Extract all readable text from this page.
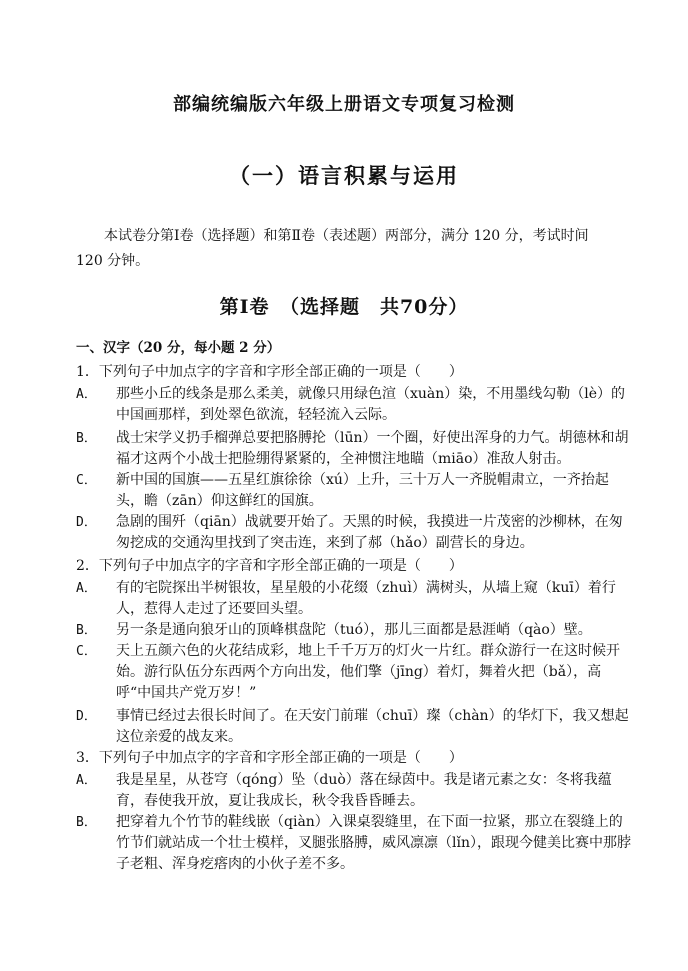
部编统编版六年级上册语文专项复习检测
（一）语言积累与运用
本试卷分第Ⅰ卷（选择题）和第Ⅱ卷（表述题）两部分，满分 120 分，考试时间 120 分钟。
第Ⅰ卷　（选择题　共70分）
一、汉字（20 分，每小题 2 分）
1．下列句子中加点字的字音和字形全部正确的一项是（　　）
A． 那些小丘的线条是那么柔美，就像只用绿色渲（xuàn）染，不用墨线勾勒（lè）的中国画那样，到处翠色欲流，轻轻流入云际。
B． 战士宋学义扔手榴弹总要把胳膊抡（lūn）一个圈，好使出浑身的力气。胡德林和胡福才这两个小战士把脸绷得紧紧的，全神惯注地瞄（miāo）准敌人射击。
C． 新中国的国旗——五星红旗徐徐（xú）上升，三十万人一齐脱帽肃立，一齐抬起头，瞻（zān）仰这鲜红的国旗。
D． 急剧的围歼（qiān）战就要开始了。天黑的时候，我摸进一片茂密的沙柳林，在匆匆挖成的交通沟里找到了突击连，来到了郝（hǎo）副营长的身边。
2．下列句子中加点字的字音和字形全部正确的一项是（　　）
A． 有的宅院探出半树银妆，星星般的小花缀（zhuì）满树头，从墙上窥（kuī）着行人，惹得人走过了还要回头望。
B． 另一条是通向狼牙山的顶峰棋盘陀（tuó），那儿三面都是悬涯峭（qào）壁。
C． 天上五颜六色的火花结成彩，地上千千万万的灯火一片红。群众游行一在这时候开始。游行队伍分东西两个方向出发，他们擎（jīng）着灯，舞着火把（bǎ），高呼“中国共产党万岁！”
D． 事情已经过去很长时间了。在天安门前璀（chuī）璨（chàn）的华灯下，我又想起这位亲爱的战友来。
3．下列句子中加点字的字音和字形全部正确的一项是（　　）
A． 我是星星，从苍穹（qóng）坠（duò）落在绿茵中。我是诸元素之女：冬将我蕴育，春使我开放，夏让我成长，秋令我昏昏睡去。
B． 把穿着九个竹节的鞋线嵌（qiàn）入课桌裂缝里，在下面一拉紧，那立在裂缝上的竹节们就站成一个壮士模样，叉腿张胳膊，威风凛凛（lǐn），跟现今健美比赛中那脖子老粗、浑身疙瘩肉的小伙子差不多。
